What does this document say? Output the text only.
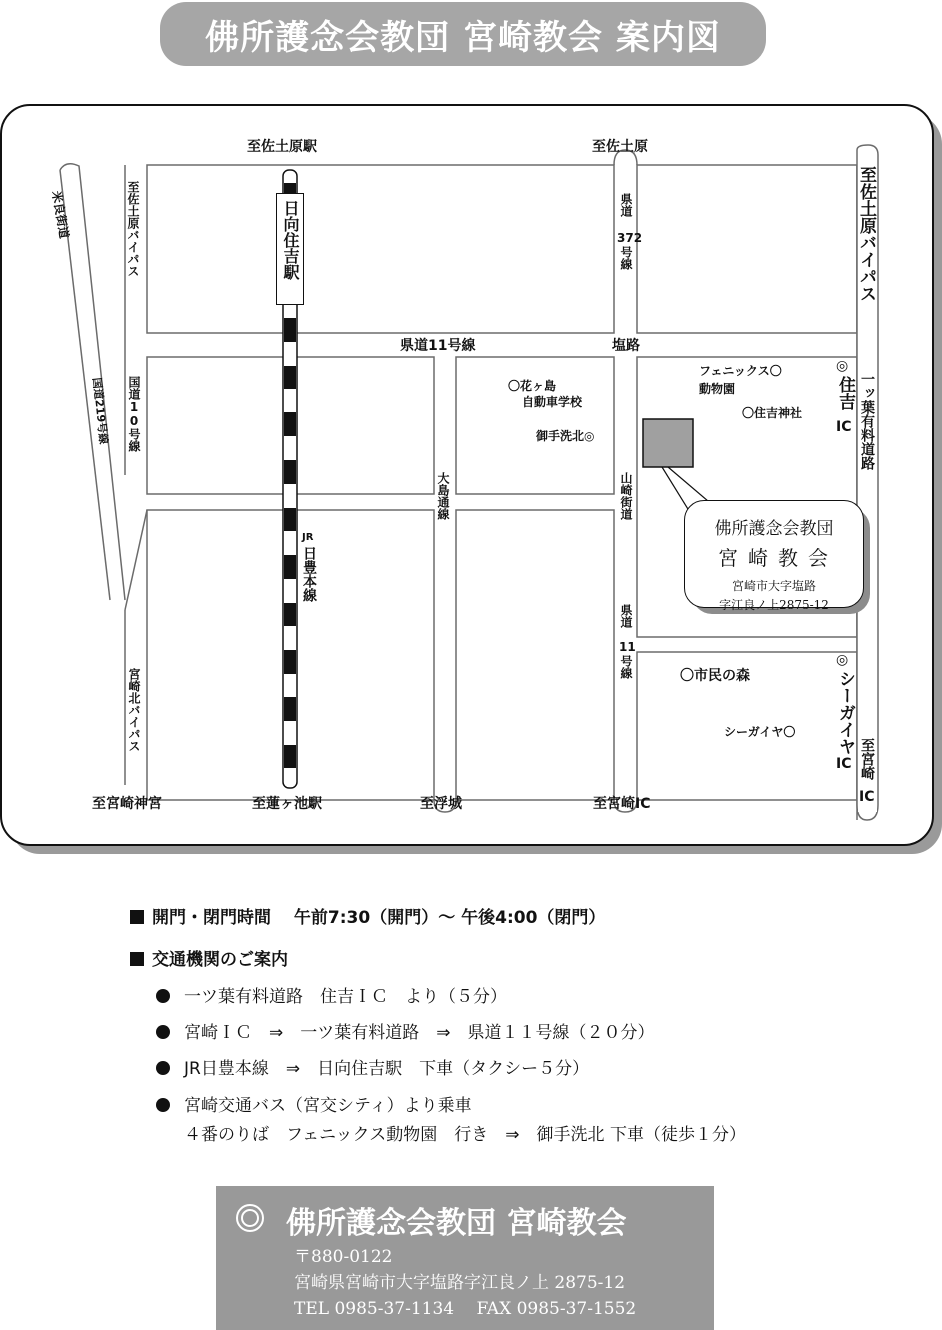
佛所護念会教団 宮崎教会 案内図
日向住吉駅
至佐土原駅	至佐土原
至佐土原バイパス	至佐土原バイパス
米良街道
国道219号線 国道10号線
県道11号線	塩路
県道
372
号線
大島通線	山崎街道
県道
11
号線
JR
日豊本線
フェニックス〇
動物園
〇住吉神社
〇花ヶ島
自動車学校
御手洗北◎
◎
住吉
IC 一ッ葉有料道路
〇市民の森
シーガイヤ〇
◎
シーガイヤ
IC 至宮崎
IC
宮崎北バイパス
至宮崎神宮	至蓮ヶ池駅	至浮城	至宮崎IC
佛所護念会教団
宮崎教会
宮崎市大字塩路
字江良ノ上2875-12
開門・閉門時間　 午前7:30（開門）～ 午後4:00（閉門）
交通機関のご案内
一ツ葉有料道路　住吉ＩＣ　より（５分）
宮崎ＩＣ　⇒　一ツ葉有料道路　⇒　県道１１号線（２０分）
JR日豊本線　⇒　日向住吉駅　下車（タクシー５分）
宮崎交通バス（宮交シティ）より乗車
４番のりば　フェニックス動物園　行き　⇒　御手洗北 下車（徒歩１分）
佛所護念会教団 宮崎教会
〒880-0122
宮崎県宮崎市大字塩路字江良ノ上 2875-12
TEL 0985-37-1134　 FAX 0985-37-1552
